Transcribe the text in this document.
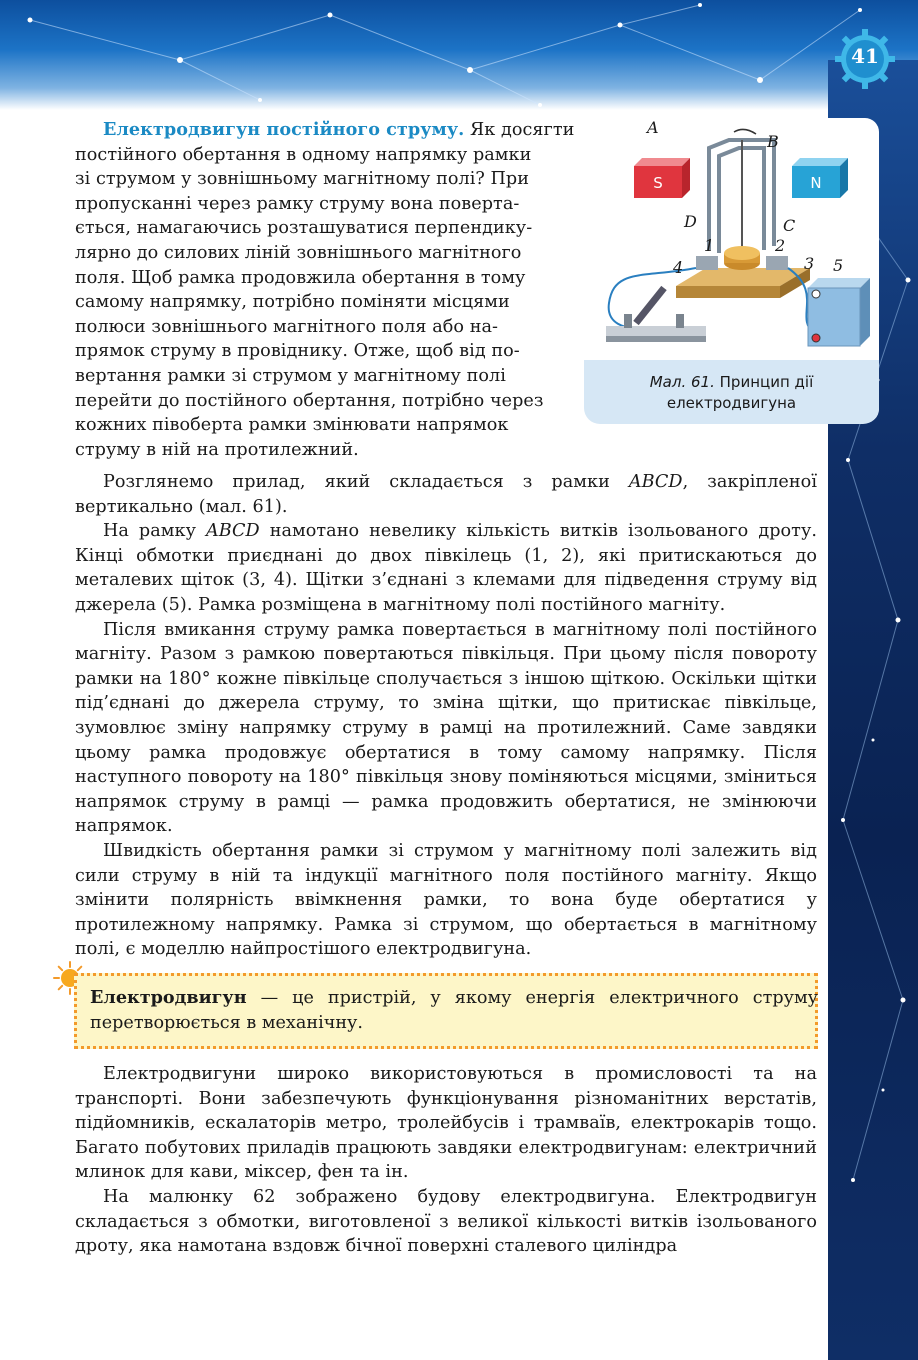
41
A
B
C
D
1	2
3
4	5
S	N
Мал. 61. Принцип дії
електродвигуна
Електродвигун постійного струму. Як досягти
постійного обертання в одному напрямку рамки
зі струмом у зовнішньому магнітному полі? При
пропусканні через рамку струму вона поверта-
ється, намагаючись розташуватися перпендику-
лярно до силових ліній зовнішнього магнітного
поля. Щоб рамка продовжила обертання в тому
самому напрямку, потрібно поміняти місцями
полюси зовнішнього магнітного поля або на-
прямок струму в провіднику. Отже, щоб від по-
вертання рамки зі струмом у магнітному полі
перейти до постійного обертання, потрібно через
кожних півоберта рамки змінювати напрямок
струму в ній на протилежний.

Розглянемо прилад, який складається з рамки ABCD, закріпленої вертикально (мал. 61).

На рамку ABCD намотано невелику кількість витків ізольованого дроту. Кінці обмотки приєднані до двох півкілець (1, 2), які притискаються до металевих щіток (3, 4). Щітки з’єднані з клемами для підведення струму від джерела (5). Рамка розміщена в магнітному полі постійного магніту.

Після вмикання струму рамка повертається в магнітному полі постійного магніту. Разом з рамкою повертаються півкільця. При цьому після повороту рамки на 180° кожне півкільце сполучається з іншою щіткою. Оскільки щітки під’єднані до джерела струму, то зміна щітки, що притискає півкільце, зумовлює зміну напрямку струму в рамці на протилежний. Саме завдяки цьому рамка продовжує обертатися в тому самому напрямку. Після наступного повороту на 180° півкільця знову поміняються місцями, зміниться напрямок струму в рамці — рамка продовжить обертатися, не змінюючи напрямок.

Швидкість обертання рамки зі струмом у магнітному полі залежить від сили струму в ній та індукції магнітного поля постійного магніту. Якщо змінити полярність ввімкнення рамки, то вона буде обертатися у протилежному напрямку. Рамка зі струмом, що обертається в магнітному полі, є моделлю найпростішого електродвигуна.

Електродвигун — це пристрій, у якому енергія електричного струму перетворюється в механічну.

Електродвигуни широко використовуються в промисловості та на транспорті. Вони забезпечують функціонування різноманітних верстатів, підйомників, ескалаторів метро, тролейбусів і трамваїв, електрокарів тощо. Багато побутових приладів працюють завдяки електродвигунам: електричний млинок для кави, міксер, фен та ін.

На малюнку 62 зображено будову електродвигуна. Електродвигун складається з обмотки, виготовленої з великої кількості витків ізольованого дроту, яка намотана вздовж бічної поверхні сталевого циліндра
